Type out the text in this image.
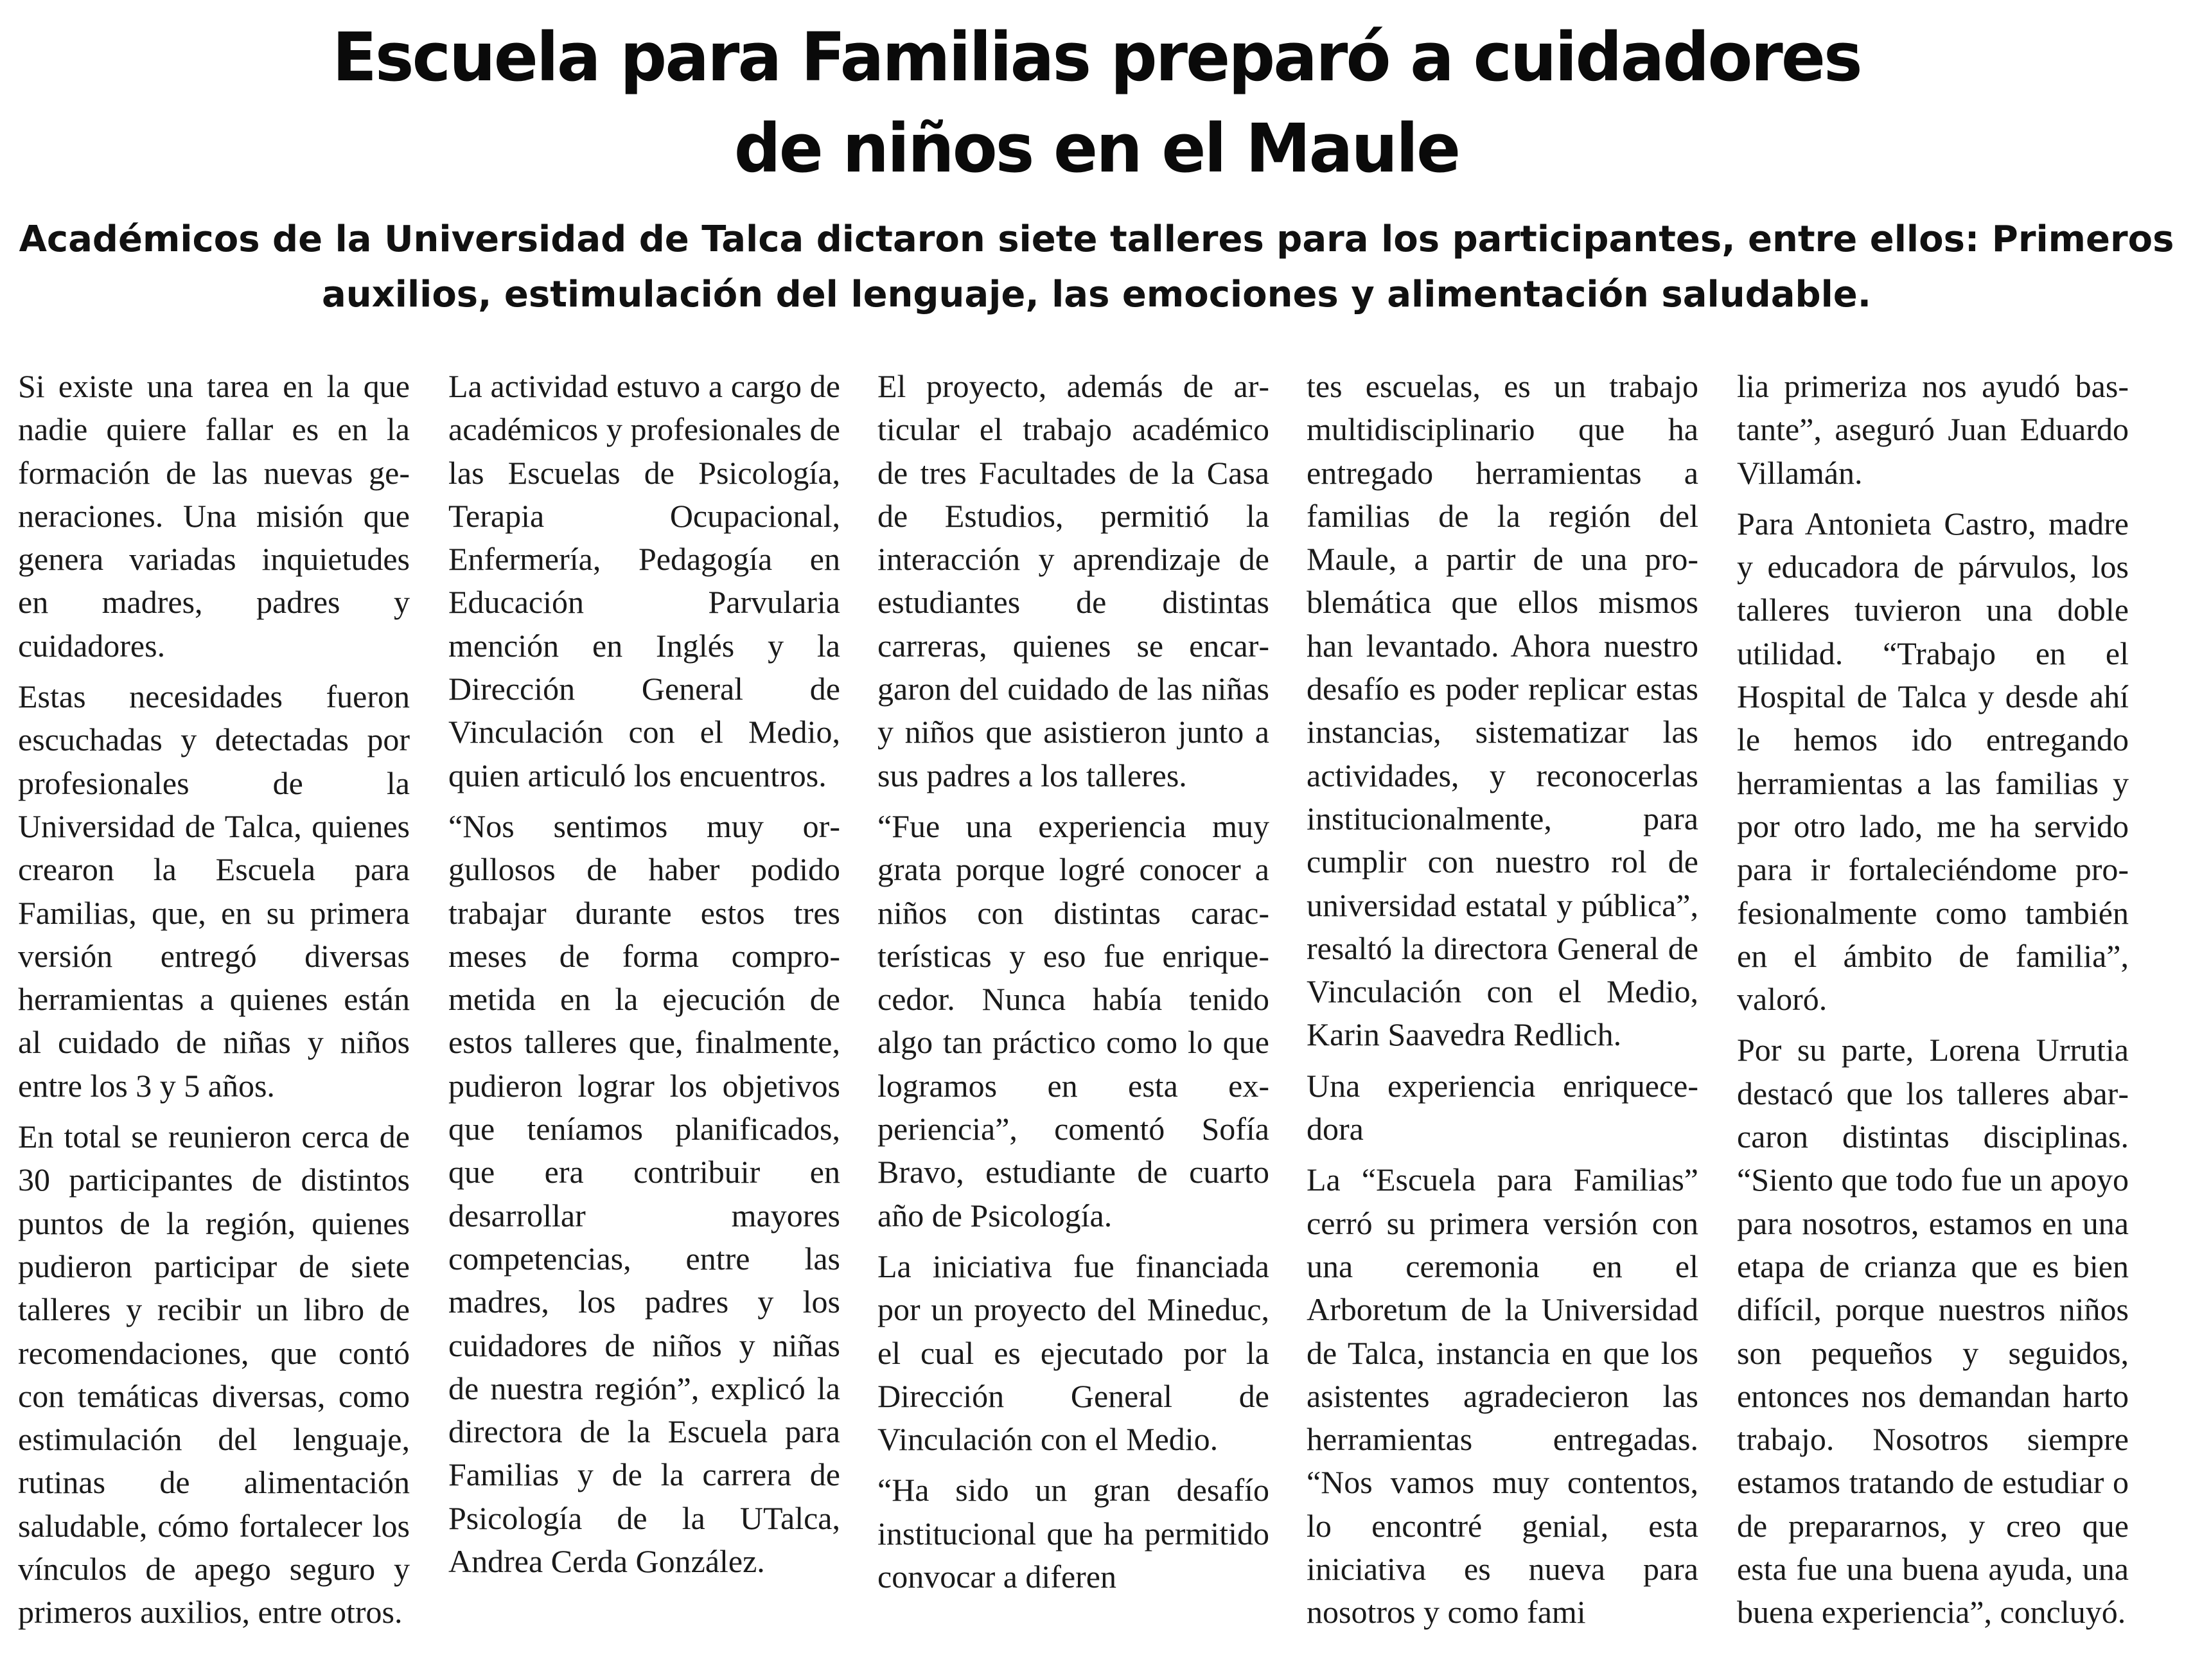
Escuela para Familias preparó a cuidadores
de niños en el Maule
Académicos de la Universidad de Talca dictaron siete talleres para los participantes, entre ellos: Primeros
auxilios, estimulación del lenguaje, las emociones y alimentación saludable.

Si existe una tarea en la que nadie quiere fallar es en la formación de las nuevas generaciones. Una misión que genera variadas inquietudes en madres, padres y cuidadores.

Estas necesidades fueron escuchadas y detectadas por profesionales de la Universidad de Talca, quienes crearon la Escuela para Familias, que, en su primera versión entregó diversas herramientas a quienes están al cuidado de niñas y niños entre los 3 y 5 años.

En total se reunieron cerca de 30 participantes de distintos puntos de la región, quienes pudieron participar de siete talleres y recibir un libro de recomendaciones, que contó con temáticas diversas, como estimulación del lenguaje, rutinas de alimentación saludable, cómo fortalecer los vínculos de apego seguro y primeros auxilios, entre otros.

La actividad estuvo a cargo de académicos y profesionales de las Escuelas de Psicología, Terapia Ocupacional, Enfermería, Pedagogía en Educación Parvularia mención en Inglés y la Dirección General de Vinculación con el Medio, quien articuló los encuentros.

“Nos sentimos muy orgullosos de haber podido trabajar durante estos tres meses de forma comprometida en la ejecución de estos talleres que, finalmente, pudieron lograr los objetivos que teníamos planificados, que era contribuir en desarrollar mayores competencias, entre las madres, los padres y los cuidadores de niños y niñas de nuestra región”, explicó la directora de la Escuela para Familias y de la carrera de Psicología de la UTalca, Andrea Cerda González.

El proyecto, además de articular el trabajo académico de tres Facultades de la Casa de Estudios, permitió la interacción y aprendizaje de estudiantes de distintas carreras, quienes se encargaron del cuidado de las niñas y niños que asistieron junto a sus padres a los talleres.

“Fue una experiencia muy grata porque logré conocer a niños con distintas características y eso fue enriquecedor. Nunca había tenido algo tan práctico como lo que logramos en esta experiencia”, comentó Sofía Bravo, estudiante de cuarto año de Psicología.

La iniciativa fue financiada por un proyecto del Mineduc, el cual es ejecutado por la Dirección General de Vinculación con el Medio.

“Ha sido un gran desafío institucional que ha permitido convocar a diferen

tes escuelas, es un trabajo multidisciplinario que ha entregado herramientas a familias de la región del Maule, a partir de una problemática que ellos mismos han levantado. Ahora nuestro desafío es poder replicar estas instancias, sistematizar las actividades, y reconocerlas institucionalmente, para cumplir con nuestro rol de universidad estatal y pública”, resaltó la directora General de Vinculación con el Medio, Karin Saavedra Redlich.

Una experiencia enriquecedora

La “Escuela para Familias” cerró su primera versión con una ceremonia en el Arboretum de la Universidad de Talca, instancia en que los asistentes agradecieron las herramientas entregadas. “Nos vamos muy contentos, lo encontré genial, esta iniciativa es nueva para nosotros y como fami

lia primeriza nos ayudó bastante”, aseguró Juan Eduardo Villamán.

Para Antonieta Castro, madre y educadora de párvulos, los talleres tuvieron una doble utilidad. “Trabajo en el Hospital de Talca y desde ahí le hemos ido entregando herramientas a las familias y por otro lado, me ha servido para ir fortaleciéndome profesionalmente como también en el ámbito de familia”, valoró.

Por su parte, Lorena Urrutia destacó que los talleres abarcaron distintas disciplinas. “Siento que todo fue un apoyo para nosotros, estamos en una etapa de crianza que es bien difícil, porque nuestros niños son pequeños y seguidos, entonces nos demandan harto trabajo. Nosotros siempre estamos tratando de estudiar o de prepararnos, y creo que esta fue una buena ayuda, una buena experiencia”, concluyó.
